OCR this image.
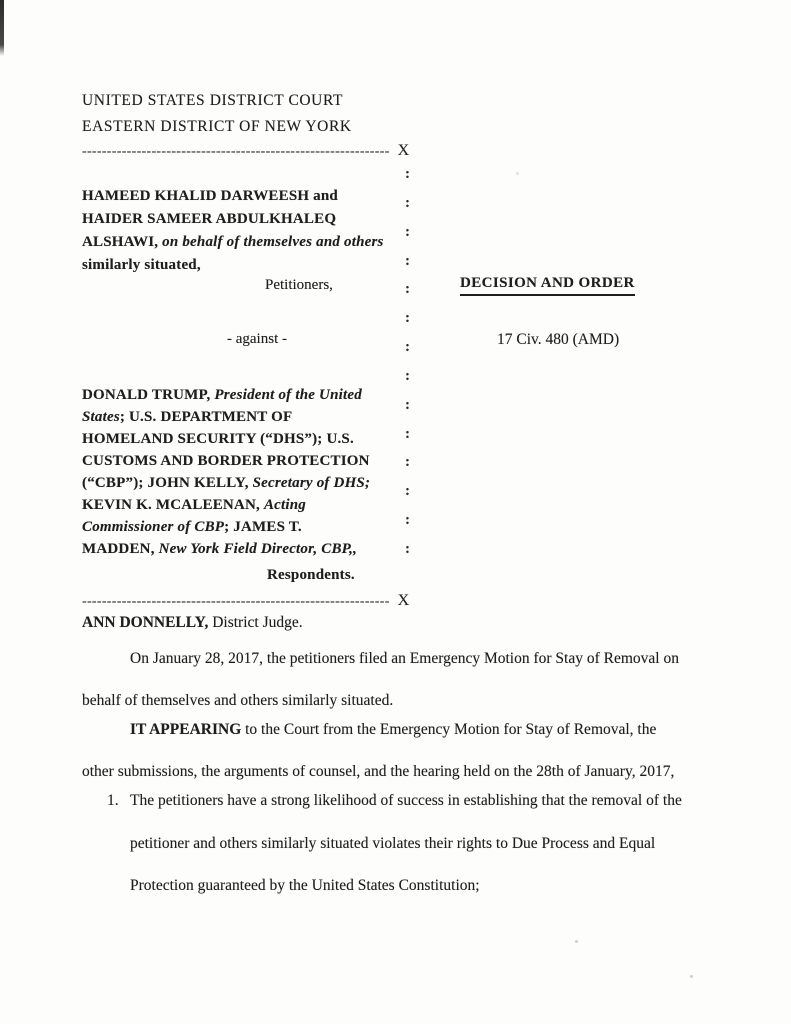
UNITED STATES DISTRICT COURT
EASTERN DISTRICT OF NEW YORK
-------------------------------------------------------------- X
:
:
:
:
:
:
:
:
:
:
:
:
:
:
HAMEED KHALID DARWEESH and
HAIDER SAMEER ABDULKHALEQ
ALSHAWI, on behalf of themselves and others
similarly situated,
Petitioners,
- against -
DECISION AND ORDER
17 Civ. 480 (AMD)
DONALD TRUMP, President of the United
States; U.S. DEPARTMENT OF
HOMELAND SECURITY (“DHS”); U.S.
CUSTOMS AND BORDER PROTECTION
(“CBP”); JOHN KELLY, Secretary of DHS;
KEVIN K. MCALEENAN, Acting
Commissioner of CBP; JAMES T.
MADDEN, New York Field Director, CBP,,
Respondents.
-------------------------------------------------------------- X
ANN DONNELLY, District Judge.
On January 28, 2017, the petitioners filed an Emergency Motion for Stay of Removal on
behalf of themselves and others similarly situated.
IT APPEARING to the Court from the Emergency Motion for Stay of Removal, the
other submissions, the arguments of counsel, and the hearing held on the 28th of January, 2017,
1. The petitioners have a strong likelihood of success in establishing that the removal of the
petitioner and others similarly situated violates their rights to Due Process and Equal
Protection guaranteed by the United States Constitution;
